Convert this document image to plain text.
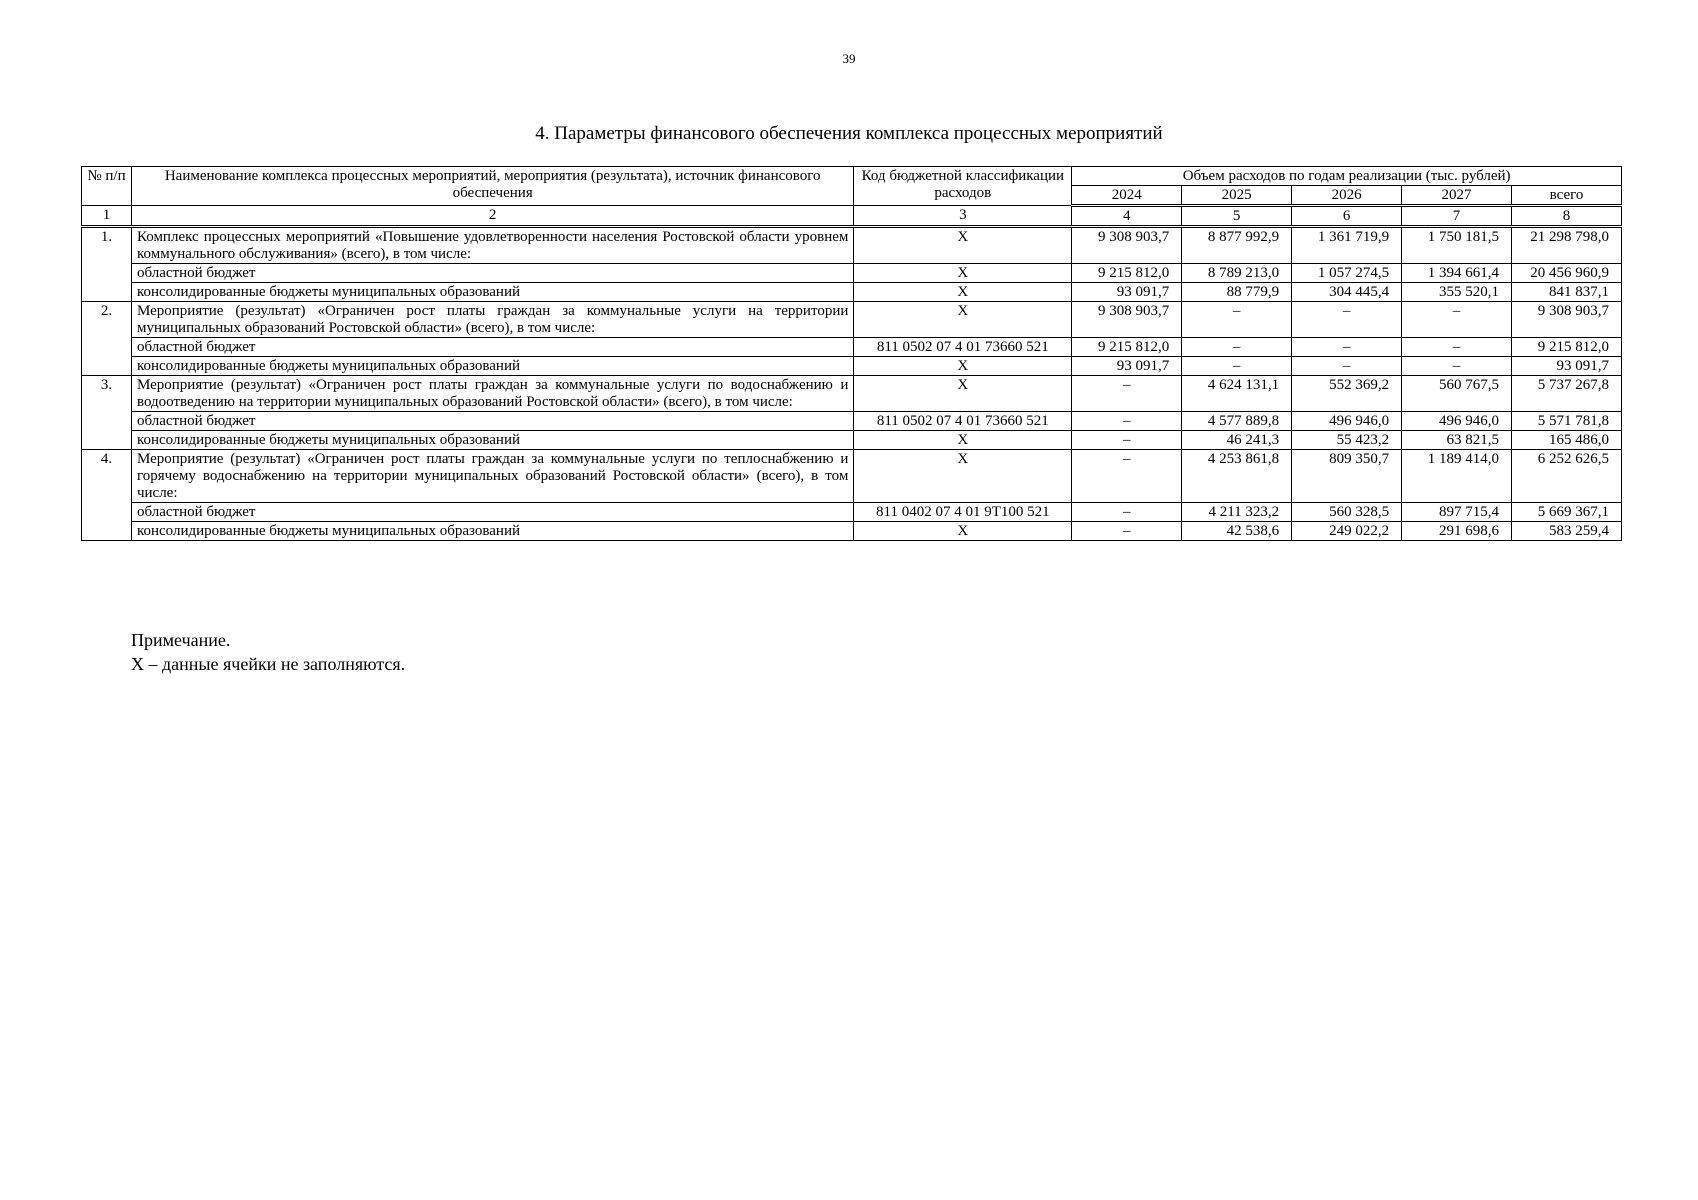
39
4. Параметры финансового обеспечения комплекса процессных мероприятий
№ п/п	Наименование комплекса процессных мероприятий, мероприятия (результата), источник финансового обеспечения	Код бюджетной классификации расходов	Объем расходов по годам реализации (тыс. рублей)				
			2024	2025	2026	2027	всего
1	2	3	4	5	6	7	8
1.	Комплекс процессных мероприятий «Повышение удовлетворенности населения Ростовской области уровнем коммунального обслуживания» (всего), в том числе:	X	9 308 903,7	8 877 992,9	1 361 719,9	1 750 181,5	21 298 798,0
	областной бюджет	X	9 215 812,0	8 789 213,0	1 057 274,5	1 394 661,4	20 456 960,9
	консолидированные бюджеты муниципальных образований	X	93 091,7	88 779,9	304 445,4	355 520,1	841 837,1
2.	Мероприятие (результат) «Ограничен рост платы граждан за коммунальные услуги на территории муниципальных образований Ростовской области» (всего), в том числе:	X	9 308 903,7	–	–	–	9 308 903,7
	областной бюджет	811 0502 07 4 01 73660 521	9 215 812,0	–	–	–	9 215 812,0
	консолидированные бюджеты муниципальных образований	X	93 091,7	–	–	–	93 091,7
3.	Мероприятие (результат) «Ограничен рост платы граждан за коммунальные услуги по водоснабжению и водоотведению на территории муниципальных образований Ростовской области» (всего), в том числе:	X	–	4 624 131,1	552 369,2	560 767,5	5 737 267,8
	областной бюджет	811 0502 07 4 01 73660 521	–	4 577 889,8	496 946,0	496 946,0	5 571 781,8
	консолидированные бюджеты муниципальных образований	X	–	46 241,3	55 423,2	63 821,5	165 486,0
4.	Мероприятие (результат) «Ограничен рост платы граждан за коммунальные услуги по теплоснабжению и горячему водоснабжению на территории муниципальных образований Ростовской области» (всего), в том числе:	X	–	4 253 861,8	809 350,7	1 189 414,0	6 252 626,5
	областной бюджет	811 0402 07 4 01 9Т100 521	–	4 211 323,2	560 328,5	897 715,4	5 669 367,1
	консолидированные бюджеты муниципальных образований	X	–	42 538,6	249 022,2	291 698,6	583 259,4
Примечание.
X – данные ячейки не заполняются.
